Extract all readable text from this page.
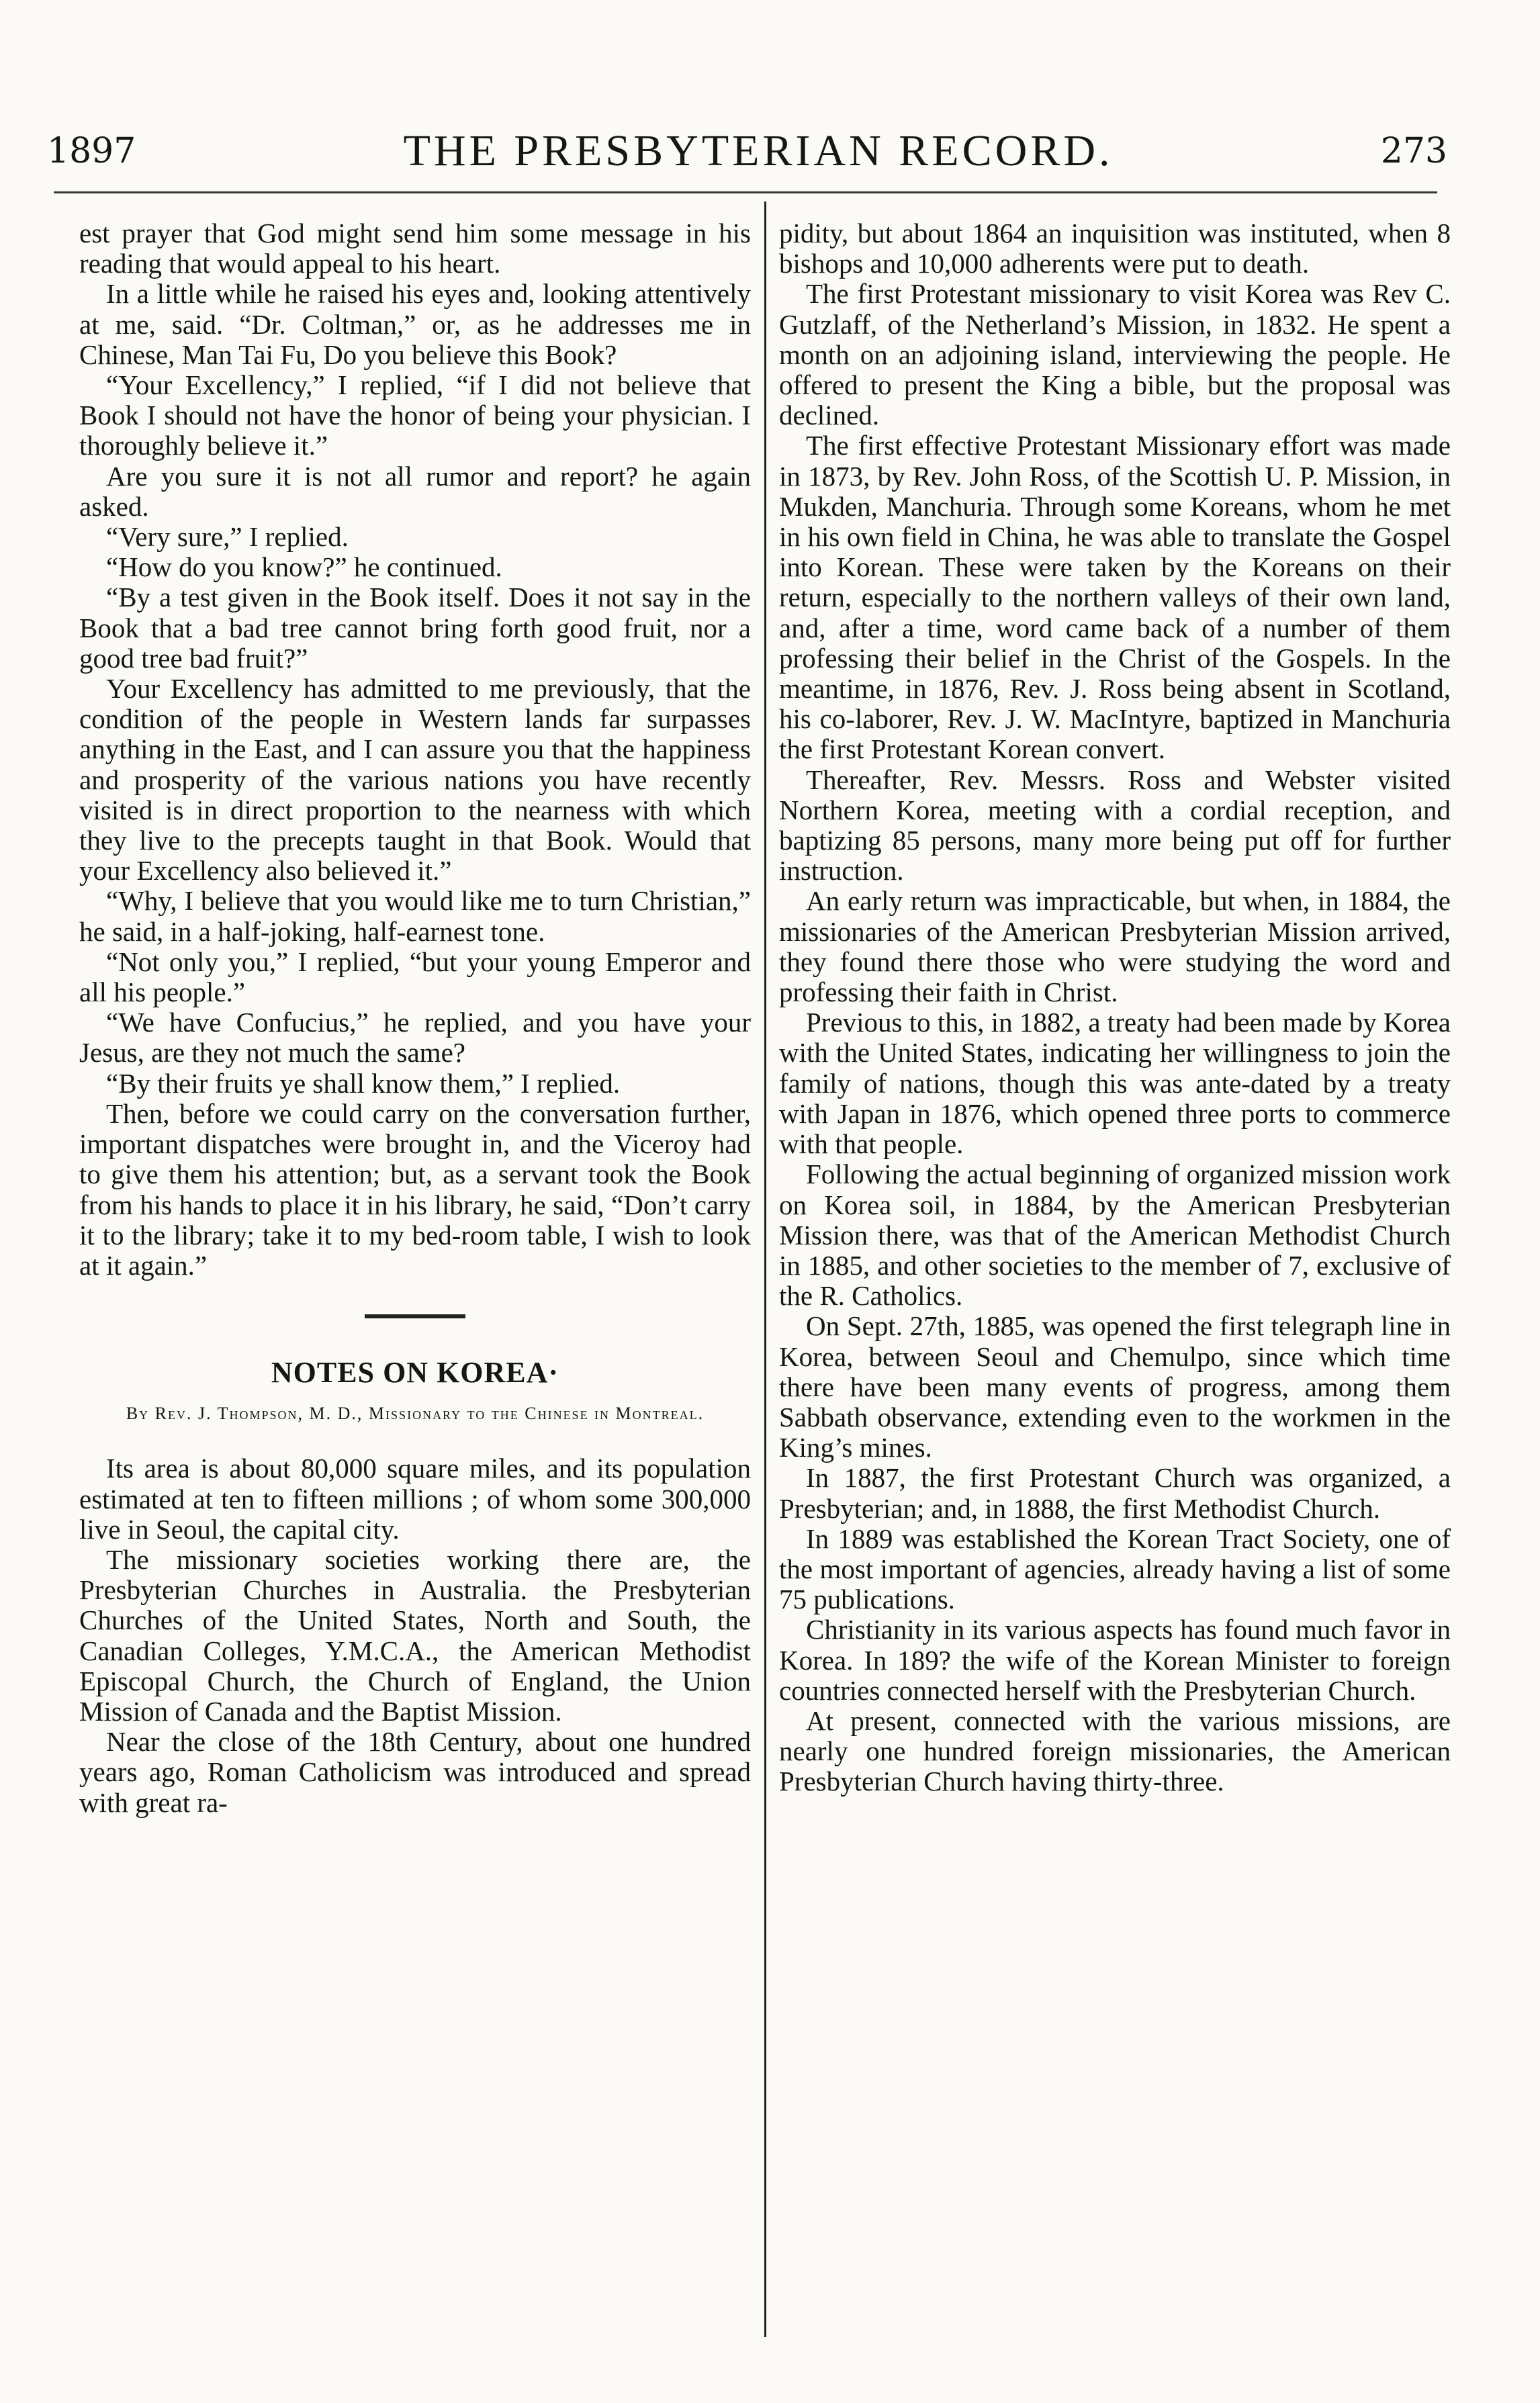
1897	THE PRESBYTERIAN RECORD.	273

est prayer that God might send him some message in his reading that would appeal to his heart.

In a little while he raised his eyes and, looking attentively at me, said. “Dr. Coltman,” or, as he addresses me in Chinese, Man Tai Fu, Do you believe this Book?

“Your Excellency,” I replied, “if I did not believe that Book I should not have the honor of being your physician. I thoroughly believe it.”

Are you sure it is not all rumor and report? he again asked.

“Very sure,” I replied.

“How do you know?” he continued.

“By a test given in the Book itself. Does it not say in the Book that a bad tree cannot bring forth good fruit, nor a good tree bad fruit?”

Your Excellency has admitted to me previously, that the condition of the people in Western lands far surpasses anything in the East, and I can assure you that the happiness and prosperity of the various nations you have recently visited is in direct proportion to the nearness with which they live to the precepts taught in that Book. Would that your Excellency also believed it.”

“Why, I believe that you would like me to turn Christian,” he said, in a half-joking, half-earnest tone.

“Not only you,” I replied, “but your young Emperor and all his people.”

“We have Confucius,” he replied, and you have your Jesus, are they not much the same?

“By their fruits ye shall know them,” I replied.

Then, before we could carry on the conversation further, important dispatches were brought in, and the Viceroy had to give them his attention; but, as a servant took the Book from his hands to place it in his library, he said, “Don’t carry it to the library; take it to my bed-room table, I wish to look at it again.”

NOTES ON KOREA·
By Rev. J. Thompson, M. D., Missionary to the Chinese in Montreal.

Its area is about 80,000 square miles, and its population estimated at ten to fifteen millions ; of whom some 300,000 live in Seoul, the capital city.

The missionary societies working there are, the Presbyterian Churches in Australia. the Presbyterian Churches of the United States, North and South, the Canadian Colleges, Y.M.C.A., the American Methodist Episcopal Church, the Church of England, the Union Mission of Canada and the Baptist Mission.

Near the close of the 18th Century, about one hundred years ago, Roman Catholicism was introduced and spread with great ra-

pidity, but about 1864 an inquisition was instituted, when 8 bishops and 10,000 adherents were put to death.

The first Protestant missionary to visit Korea was Rev C. Gutzlaff, of the Netherland’s Mission, in 1832. He spent a month on an adjoining island, interviewing the people. He offered to present the King a bible, but the proposal was declined.

The first effective Protestant Missionary effort was made in 1873, by Rev. John Ross, of the Scottish U. P. Mission, in Mukden, Manchuria. Through some Koreans, whom he met in his own field in China, he was able to translate the Gospel into Korean. These were taken by the Koreans on their return, especially to the northern valleys of their own land, and, after a time, word came back of a number of them professing their belief in the Christ of the Gospels. In the meantime, in 1876, Rev. J. Ross being absent in Scotland, his co-laborer, Rev. J. W. MacIntyre, baptized in Manchuria the first Protestant Korean convert.

Thereafter, Rev. Messrs. Ross and Webster visited Northern Korea, meeting with a cordial reception, and baptizing 85 persons, many more being put off for further instruction.

An early return was impracticable, but when, in 1884, the missionaries of the American Presbyterian Mission arrived, they found there those who were studying the word and professing their faith in Christ.

Previous to this, in 1882, a treaty had been made by Korea with the United States, indicating her willingness to join the family of nations, though this was ante-dated by a treaty with Japan in 1876, which opened three ports to commerce with that people.

Following the actual beginning of organized mission work on Korea soil, in 1884, by the American Presbyterian Mission there, was that of the American Methodist Church in 1885, and other societies to the member of 7, exclusive of the R. Catholics.

On Sept. 27th, 1885, was opened the first telegraph line in Korea, between Seoul and Chemulpo, since which time there have been many events of progress, among them Sabbath observance, extending even to the workmen in the King’s mines.

In 1887, the first Protestant Church was organized, a Presbyterian; and, in 1888, the first Methodist Church.

In 1889 was established the Korean Tract Society, one of the most important of agencies, already having a list of some 75 publications.

Christianity in its various aspects has found much favor in Korea. In 189? the wife of the Korean Minister to foreign countries connected herself with the Presbyterian Church.

At present, connected with the various missions, are nearly one hundred foreign missionaries, the American Presbyterian Church having thirty-three.
